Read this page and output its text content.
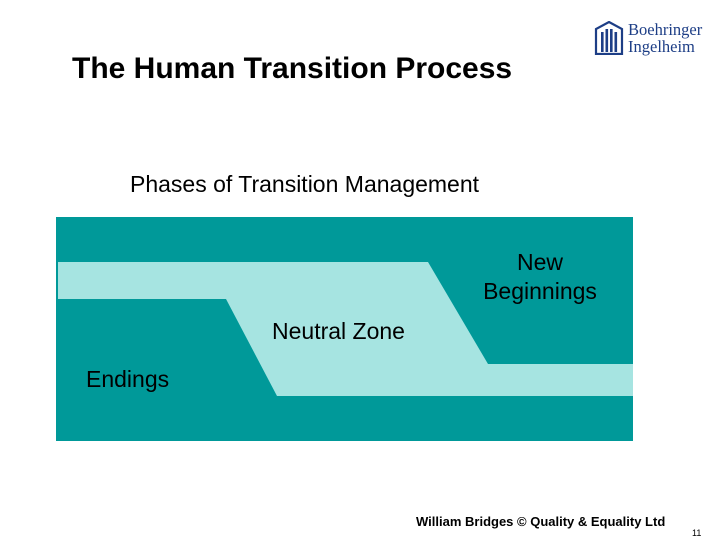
The Human Transition Process
Boehringer
Ingelheim
Phases of Transition Management
New Beginnings
Neutral Zone
Endings
William Bridges © Quality & Equality Ltd
11
